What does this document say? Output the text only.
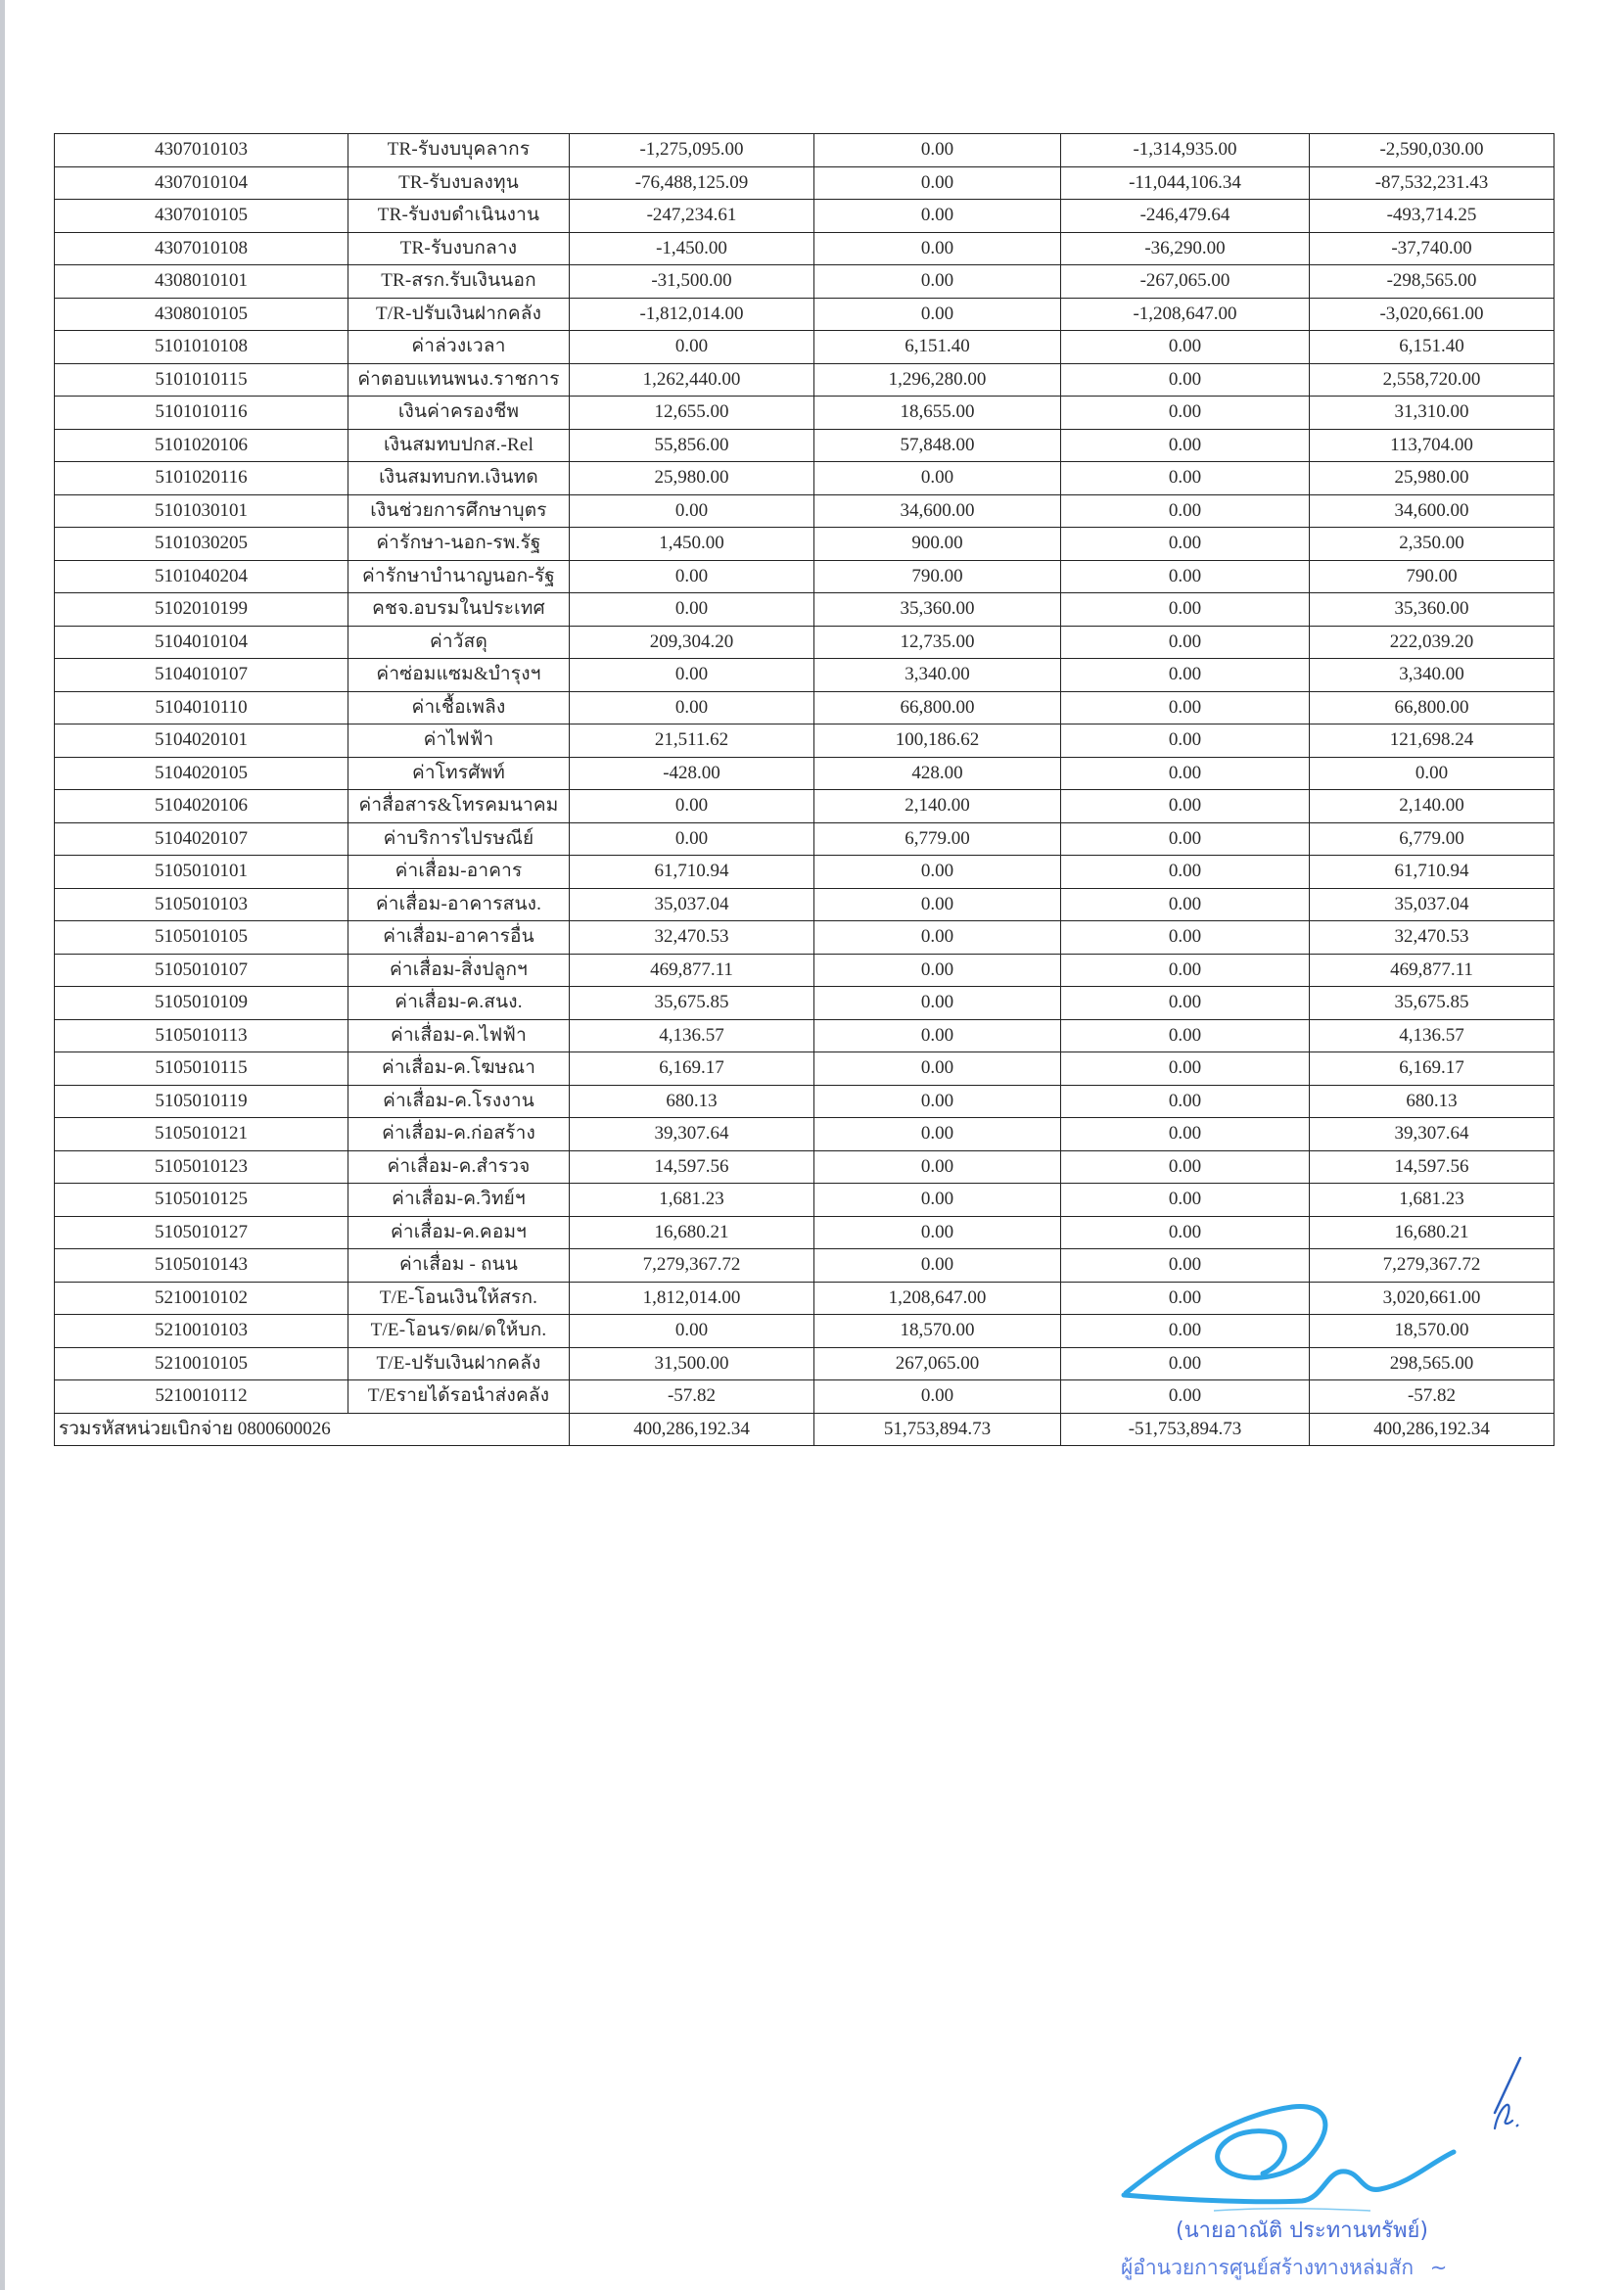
4307010103	TR-รับงบบุคลากร	-1,275,095.00	0.00	-1,314,935.00	-2,590,030.00
4307010104	TR-รับงบลงทุน	-76,488,125.09	0.00	-11,044,106.34	-87,532,231.43
4307010105	TR-รับงบดำเนินงาน	-247,234.61	0.00	-246,479.64	-493,714.25
4307010108	TR-รับงบกลาง	-1,450.00	0.00	-36,290.00	-37,740.00
4308010101	TR-สรก.รับเงินนอก	-31,500.00	0.00	-267,065.00	-298,565.00
4308010105	T/R-ปรับเงินฝากคลัง	-1,812,014.00	0.00	-1,208,647.00	-3,020,661.00
5101010108	ค่าล่วงเวลา	0.00	6,151.40	0.00	6,151.40
5101010115	ค่าตอบแทนพนง.ราชการ	1,262,440.00	1,296,280.00	0.00	2,558,720.00
5101010116	เงินค่าครองชีพ	12,655.00	18,655.00	0.00	31,310.00
5101020106	เงินสมทบปกส.-Rel	55,856.00	57,848.00	0.00	113,704.00
5101020116	เงินสมทบกท.เงินทด	25,980.00	0.00	0.00	25,980.00
5101030101	เงินช่วยการศึกษาบุตร	0.00	34,600.00	0.00	34,600.00
5101030205	ค่ารักษา-นอก-รพ.รัฐ	1,450.00	900.00	0.00	2,350.00
5101040204	ค่ารักษาบำนาญนอก-รัฐ	0.00	790.00	0.00	790.00
5102010199	คชจ.อบรมในประเทศ	0.00	35,360.00	0.00	35,360.00
5104010104	ค่าวัสดุ	209,304.20	12,735.00	0.00	222,039.20
5104010107	ค่าซ่อมแซม&บำรุงฯ	0.00	3,340.00	0.00	3,340.00
5104010110	ค่าเชื้อเพลิง	0.00	66,800.00	0.00	66,800.00
5104020101	ค่าไฟฟ้า	21,511.62	100,186.62	0.00	121,698.24
5104020105	ค่าโทรศัพท์	-428.00	428.00	0.00	0.00
5104020106	ค่าสื่อสาร&โทรคมนาคม	0.00	2,140.00	0.00	2,140.00
5104020107	ค่าบริการไปรษณีย์	0.00	6,779.00	0.00	6,779.00
5105010101	ค่าเสื่อม-อาคาร	61,710.94	0.00	0.00	61,710.94
5105010103	ค่าเสื่อม-อาคารสนง.	35,037.04	0.00	0.00	35,037.04
5105010105	ค่าเสื่อม-อาคารอื่น	32,470.53	0.00	0.00	32,470.53
5105010107	ค่าเสื่อม-สิ่งปลูกฯ	469,877.11	0.00	0.00	469,877.11
5105010109	ค่าเสื่อม-ค.สนง.	35,675.85	0.00	0.00	35,675.85
5105010113	ค่าเสื่อม-ค.ไฟฟ้า	4,136.57	0.00	0.00	4,136.57
5105010115	ค่าเสื่อม-ค.โฆษณา	6,169.17	0.00	0.00	6,169.17
5105010119	ค่าเสื่อม-ค.โรงงาน	680.13	0.00	0.00	680.13
5105010121	ค่าเสื่อม-ค.ก่อสร้าง	39,307.64	0.00	0.00	39,307.64
5105010123	ค่าเสื่อม-ค.สำรวจ	14,597.56	0.00	0.00	14,597.56
5105010125	ค่าเสื่อม-ค.วิทย์ฯ	1,681.23	0.00	0.00	1,681.23
5105010127	ค่าเสื่อม-ค.คอมฯ	16,680.21	0.00	0.00	16,680.21
5105010143	ค่าเสื่อม - ถนน	7,279,367.72	0.00	0.00	7,279,367.72
5210010102	T/E-โอนเงินให้สรก.	1,812,014.00	1,208,647.00	0.00	3,020,661.00
5210010103	T/E-โอนร/ดผ/ดให้บก.	0.00	18,570.00	0.00	18,570.00
5210010105	T/E-ปรับเงินฝากคลัง	31,500.00	267,065.00	0.00	298,565.00
5210010112	T/Eรายได้รอนำส่งคลัง	-57.82	0.00	0.00	-57.82
รวมรหัสหน่วยเบิกจ่าย 0800600026		400,286,192.34	51,753,894.73	-51,753,894.73	400,286,192.34
(นายอาณัติ ประทานทรัพย์)
ผู้อำนวยการศูนย์สร้างทางหล่มสัก ~
